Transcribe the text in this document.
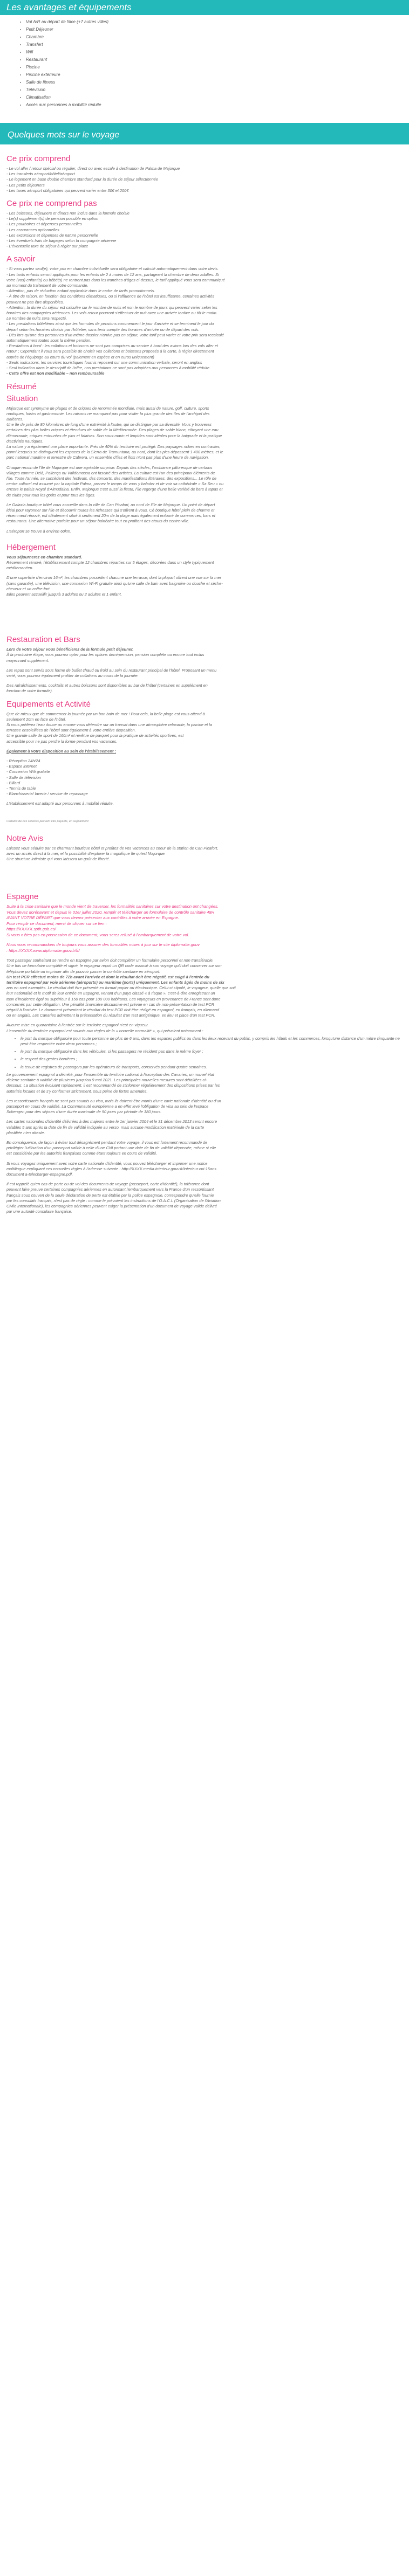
Les avantages et équipements
• Vol A/R au départ de Nice (+7 autres villes)
• Petit Déjeuner
• Chambre
• Transfert
• Wifi
• Restaurant
• Piscine
• Piscine extérieure
• Salle de fitness
• Télévision
• Climatisation
• Accès aux personnes à mobilité réduite
Quelques mots sur le voyage
Ce prix comprend
- Le vol aller / retour spécial ou régulier, direct ou avec escale à destination de Palma de Majorque
- Les transferts aéroport/hôtel/aéroport
- Le logement en base double chambre standard pour la durée de séjour sélectionnée
- Les petits déjeuners
- Les taxes aéroport obligatoires qui peuvent varier entre 30€ et 200€
Ce prix ne comprend pas
- Les boissons, déjeuners et dîners non inclus dans la formule choisie
- Le(s) supplément(s) de pension possible en option
- Les pourboires et dépenses personnelles
- Les assurances optionnelles
- Les excursions et dépenses de nature personnelle
- Les éventuels frais de bagages selon la compagnie aérienne
- L'éventuelle taxe de séjour à régler sur place
A savoir
- Si vous partez seul(e), votre prix en chambre individuelle sera obligatoire et calculé automatiquement dans votre devis.
- Les tarifs enfants seront appliqués pour les enfants de 2 à moins de 12 ans, partageant la chambre de deux adultes. Si
votre (vos) enfant(s) ou bébé(s) ne rentrent pas dans les tranches d'âges ci-dessus, le tarif appliqué vous sera communiqué
au moment du traitement de votre commande.
- Attention, pas de réduction enfant applicable dans le cadre de tarifs promotionnels.
- À titre de raison, en fonction des conditions climatiques, ou si l'affluence de l'hôtel est insuffisante, certaines activités
peuvent ne pas être disponibles.
- Attention, la durée du séjour est calculée sur le nombre de nuits et non le nombre de jours qui peuvent varier selon les
horaires des compagnies aériennes. Les vols retour pourront s'effectuer de nuit avec une arrivée tardive ou tôt le matin.
Le nombre de nuits sera respecté.
- Les prestations hôtelières ainsi que les formules de pensions commencent le jour d'arrivée et se terminent le jour du
départ selon les horaires choisis par l'hôtelier, sans tenir compte des horaires d'arrivée ou de départ des vols.
- Dès lors qu'une des personnes d'un même dossier n'arrive pas en séjour, votre tarif peut varier et votre prix sera recalculé
automatiquement toutes sous la même pension.
- Prestations à bord : les collations et boissons ne sont pas comprises au service à bord des avions lors des vols aller et
retour ; Cependant il vous sera possible de choisir vos collations et boissons proposés à la carte, à régler directement
auprès de l'équipage au cours du vol (paiement en espèce et en euros uniquement)
- Seuls indications, les services touristiques fournis reposent sur une communication verbale, seront en anglais
- Seul indication dans le descriptif de l'offre, nos prestations ne sont pas adaptées aux personnes à mobilité réduite.
- Cette offre est non modifiable – non remboursable
Résumé
Situation
Majorque est synonyme de plages et de criques de renommée mondiale, mais aussi de nature, golf, culture, sports
nautiques, loisirs et gastronomie. Les raisons ne manquent pas pour visiter la plus grande des îles de l'archipel des
Baléares.
Une île de près de 80 kilomètres de long d'une extrémité à l'autre, qui se distingue par sa diversité. Vous y trouverez
certaines des plus belles criques et étendues de sable de la Méditerranée. Des plages de sable blanc, côtoyant une eau
d'émeraude, criques entourées de pins et falaises. Son sous-marin et limpides sont idéales pour la baignade et la pratique
d'activités nautiques.
La nature y a également une place importante. Près de 40% du territoire est protégé. Des paysages riches en contrastes,
parmi lesquels se distinguent les espaces de la Sierra de Tramuntana, au nord, dont les pics dépassent 1 400 mètres, et le
parc national maritime et terrestre de Cabrera, un ensemble d'îles et îlots n'ont pas plus d'une heure de navigation.
Chaque recoin de l'île de Majorque est une agréable surprise. Depuis des siècles, l'ambiance pittoresque de certains
villages comme Deià, Pollença ou Valldemossa ont fasciné des artistes. La culture est l'un des principaux éléments de
l'île. Toute l'année, se succèdent des festivals, des concerts, des manifestations littéraires, des expositions... Le rôle de
centre culturel est assumé par la capitale Palma, prenez le temps de vous y balader et de voir sa cathédrale « Sa Seu » ou
encore le palais Royal d'Almudaina. Enfin, Majorque c'est aussi la fiesta, l'île regorge d'une belle variété de bars à tapas et
de clubs pour tous les goûts et pour tous les âges.
Le Galaxia boutique hôtel vous accueille dans la ville de Can Picafort, au nord de l'île de Majorque. Un point de départ
idéal pour rayonner sur l'île et découvrir toutes les richesses qui s'offrent à vous. Cé boutique hôtel plein de charme et
récemment rénové, est idéalement situé à seulement 20m de la plage mais également entouré de commerces, bars et
restaurants. Une alternative parfaite pour un séjour balnéaire tout en profitant des atouts du centre-ville.
L'aéroport se trouve à environ 60km.
Hébergement
Vous séjournerez en chambre standard.
Récemment rénové, l'établissement compte 12 chambres réparties sur 5 étages, décorées dans un style typiquement
méditerranéen.
D'une superficie d'environ 16m², les chambres possèdent chacune une terrasse, dont la plupart offrent une vue sur la mer
(sans garantie), une télévision, une connexion Wi-Fi gratuite ainsi qu'une salle de bain avec baignoire ou douche et sèche-
cheveux et un coffre-fort.
Elles peuvent accueillir jusqu'à 3 adultes ou 2 adultes et 1 enfant.
Restauration et Bars
Lors de votre séjour vous bénéficierez de la formule petit déjeuner.
À la prochaine étape, vous pourrez opter pour les options demi-pension, pension complète ou encore tout inclus
moyennant supplément.
Les repas sont servis sous forme de buffet chaud ou froid au sein du restaurant principal de l'hôtel. Proposant un menu
varié, vous pourrez également profiter de collations au cours de la journée.
Des rafraîchissements, cocktails et autres boissons sont disponibles au bar de l'hôtel (certaines en supplément en
fonction de votre formule).
Equipements et Activité
Que de mieux que de commencer la journée par un bon bain de mer ! Pour cela, la belle plage est vous attend à
seulement 20m en face de l'hôtel.
Si vous préférez l'eau douce ou encore vous détendre sur un transat dans une atmosphère relaxante, la piscine et la
terrasse ensoleillées de l'hôtel sont également à votre entière disposition.
Une grande salle de sport de 160m² et revêtue de parquet pour la pratique de activités sportives, est
accessible pour ne pas perdre la forme pendant vos vacances.
Également à votre disposition au sein de l'établissement :
- Réception 24h/24
- Espace internet
- Connexion Wifi gratuite
- Salle de télévision
- Billard
- Tennis de table
- Blanchisserie/ laverie / service de repassage
L'établissement est adapté aux personnes à mobilité réduite.
Certains de ces services peuvent être payants, en supplément
Notre Avis
Laissez vous séduire par ce charmant boutique hôtel et profitez de vos vacances au coeur de la station de Can Picafort,
avec un accès direct à la mer, et la possibilité d'explorer la magnifique île qu'est Majorque.
Une structure intimiste qui vous laissera un goût de liberté.
Espagne
Suite à la crise sanitaire que le monde vient de traverser, les formalités sanitaires sur votre destination ont changées.
Vous devez dorénavant et depuis le 01er juillet 2020, remplir et télécharger un formulaire de contrôle sanitaire 48H
AVANT VOTRE DÉPART que vous devrez présenter aux contrôles à votre arrivée en Espagne.
Pour remplir ce document, merci de cliquer sur ce lien :
https://XXXXX.spth.gob.es/
Si vous n'êtes pas en possession de ce document, vous serez refusé à l'embarquement de votre vol.
Nous vous recommandons de toujours vous assurer des formalités mises à jour sur le site diplomatie.gouv
: https://XXXX.www.diplomatie.gouv.fr/fr/
Tout passager souhaitant se rendre en Espagne par avion doit compléter un formulaire personnel et non transférable.
Une fois ce formulaire complété et signé, le voyageur reçoit un QR code associé à son voyage qu'il doit conserver sur son
téléphone portable ou imprimer afin de pouvoir passer le contrôle sanitaire en aéroport.
Un test PCR effectué moins de 72h avant l'arrivée et dont le résultat doit être négatif, est exigé à l'entrée du
territoire espagnol par voie aérienne (aéroports) ou maritime (ports) uniquement. Les enfants âgés de moins de six
ans en sont exemptés. Le résultat doit être présenté en format papier ou électronique. Celui-ci stipulé, le voyageur, quelle que soit
leur nationalité et le motif de leur entrée en Espagne, venant d'un pays classé « à risque », c'est-à-dire enregistrant un
taux d'incidence égal ou supérieur à 150 cas pour 100 000 habitants. Les voyageurs en provenance de France sont donc
concernés par cette obligation. Une pénalité financière dissuasive est prévue en cas de non-présentation de test PCR
négatif à l'arrivée. Le document présentant le résultat du test PCR doit être rédigé en espagnol, en français, en allemand
ou en anglais. Les Canaries admettent la présentation du résultat d'un test antigénique, en lieu et place d'un test PCR.
Aucune mise en quarantaine à l'entrée sur le territoire espagnol n'est en vigueur.
L'ensemble du territoire espagnol est soumis aux règles de la « nouvelle normalité », qui prévoient notamment :
• le port du masque obligatoire pour toute personne de plus de 6 ans, dans les espaces publics ou dans les lieux recevant du public, y compris les hôtels et les commerces, lorsqu'une distance d'un mètre cinquante ne peut être respectée entre deux personnes ;
• le port du masque obligatoire dans les véhicules, si les passagers ne résident pas dans le même foyer ;
• le respect des gestes barrières ;
• la tenue de registres de passagers par les opérateurs de transports, conservés pendant quatre semaines.
Le gouvernement espagnol a décrété, pour l'ensemble du territoire national à l'exception des Canaries, un nouvel état
d'alerte sanitaire à validité de plusieurs jusqu'au 9 mai 2021. Les principales nouvelles mesures sont détaillées ci-
dessous. La situation évoluant rapidement, il est recommandé de s'informer régulièrement des dispositions prises par les
autorités locales et de s'y conformer strictement, sous peine de fortes amendes.
Les ressortissants français ne sont pas soumis au visa, mais ils doivent être munis d'une carte nationale d'identité ou d'un
passeport en cours de validité. La Communauté européenne a en effet levé l'obligation de visa au sein de l'espace
Schengen pour des séjours d'une durée maximale de 90 jours par période de 180 jours.
Les cartes nationales d'identité délivrées à des majeurs entre le 1er janvier 2004 et le 31 décembre 2013 seront encore
valables 5 ans après la date de fin de validité indiquée au verso, mais aucune modification matérielle de la carte
plastifiée n'en atteste.
En conséquence, de façon à éviter tout désagrément pendant votre voyage, il vous est fortement recommandé de
privilégier l'utilisation d'un passeport valide à celle d'une CNI portant une date de fin de validité dépassée, même si elle
est considérée par les autorités françaises comme étant toujours en cours de validité.
Si vous voyagez uniquement avec votre carte nationale d'identité, vous pouvez télécharger et imprimer une notice
multilingue expliquant ces nouvelles règles à l'adresse suivante : http://XXXX.media.interieur.gouv.fr/interieur.cni-15ans
document a-telecharger-espagne.pdf.
Il est rappelé qu'en cas de perte ou de vol des documents de voyage (passeport, carte d'identité), la tolérance dont
peuvent faire preuve certaines compagnies aériennes en autorisant l'embarquement vers la France d'un ressortissant
français sous couvert de la seule déclaration de perte est établie par la police espagnole, correspondre qu'elle fournie
par les consulats français, n'est pas de règle : comme le prévoient les instructions de l'O.A.C.I. (Organisation de l'Aviation
Civile Internationale), les compagnies aériennes peuvent exiger la présentation d'un document de voyage valide délivré
par une autorité consulaire française.
